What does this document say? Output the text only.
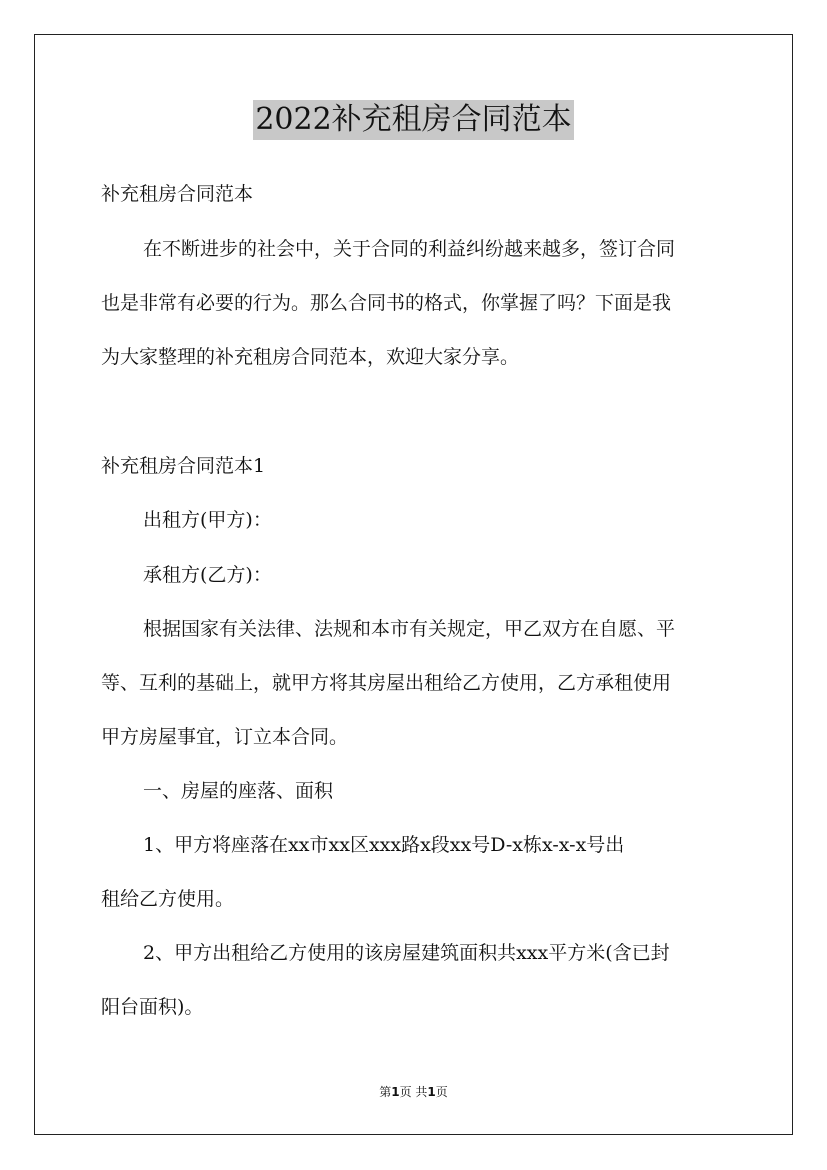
2022补充租房合同范本
补充租房合同范本
在不断进步的社会中，关于合同的利益纠纷越来越多，签订合同
也是非常有必要的行为。那么合同书的格式，你掌握了吗？下面是我
为大家整理的补充租房合同范本，欢迎大家分享。
补充租房合同范本1
出租方(甲方)：
承租方(乙方)：
根据国家有关法律、法规和本市有关规定，甲乙双方在自愿、平
等、互利的基础上，就甲方将其房屋出租给乙方使用，乙方承租使用
甲方房屋事宜，订立本合同。
一、房屋的座落、面积
1、甲方将座落在xx市xx区xxx路x段xx号D-x栋x-x-x号出
租给乙方使用。
2、甲方出租给乙方使用的该房屋建筑面积共xxx平方米(含已封
阳台面积)。
第1页 共1页
